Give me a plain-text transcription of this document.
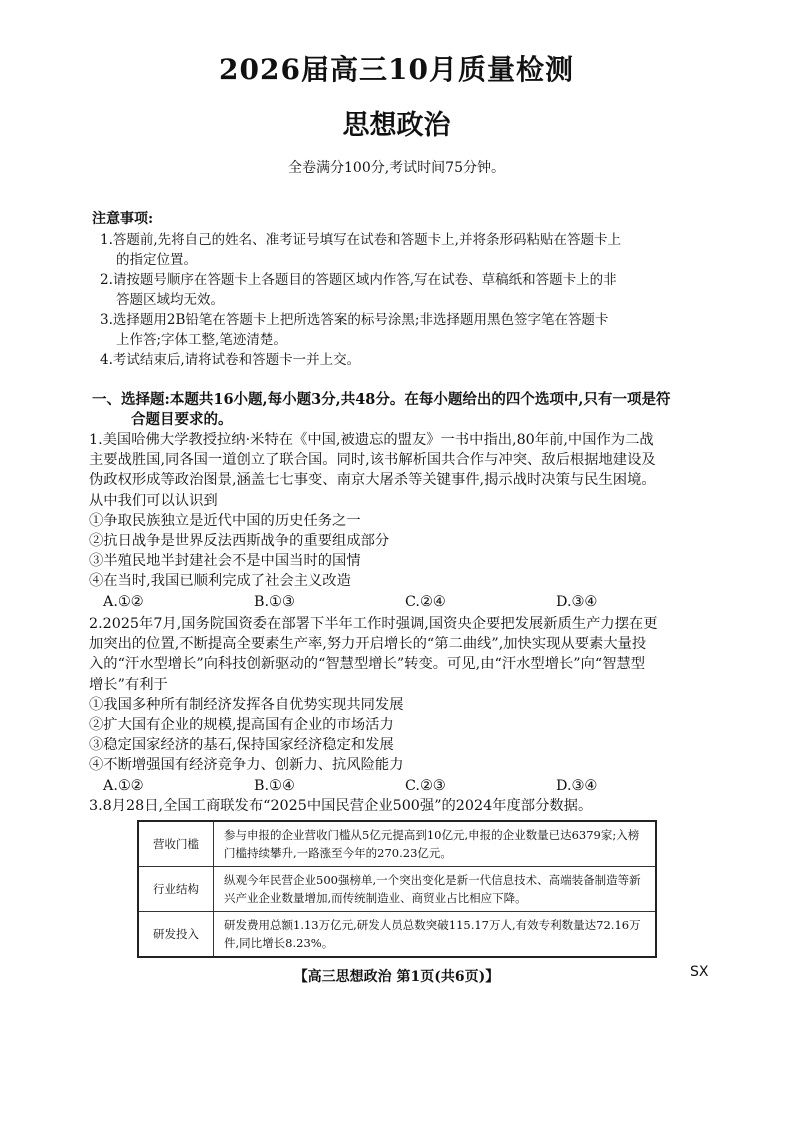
2026届高三10月质量检测
思想政治
全卷满分100分,考试时间75分钟。
注意事项:
1.答题前,先将自己的姓名、准考证号填写在试卷和答题卡上,并将条形码粘贴在答题卡上
的指定位置。
2.请按题号顺序在答题卡上各题目的答题区域内作答,写在试卷、草稿纸和答题卡上的非
答题区域均无效。
3.选择题用2B铅笔在答题卡上把所选答案的标号涂黑;非选择题用黑色签字笔在答题卡
上作答;字体工整,笔迹清楚。
4.考试结束后,请将试卷和答题卡一并上交。
一、选择题:本题共16小题,每小题3分,共48分。在每小题给出的四个选项中,只有一项是符
合题目要求的。

1.美国哈佛大学教授拉纳·米特在《中国,被遗忘的盟友》一书中指出,80年前,中国作为二战

主要战胜国,同各国一道创立了联合国。同时,该书解析国共合作与冲突、敌后根据地建设及

伪政权形成等政治图景,涵盖七七事变、南京大屠杀等关键事件,揭示战时决策与民生困境。

从中我们可以认识到

①争取民族独立是近代中国的历史任务之一

②抗日战争是世界反法西斯战争的重要组成部分

③半殖民地半封建社会不是中国当时的国情

④在当时,我国已顺利完成了社会主义改造

A.①②	B.①③	C.②④	D.③④

2.2025年7月,国务院国资委在部署下半年工作时强调,国资央企要把发展新质生产力摆在更

加突出的位置,不断提高全要素生产率,努力开启增长的“第二曲线”,加快实现从要素大量投

入的“汗水型增长”向科技创新驱动的“智慧型增长”转变。可见,由“汗水型增长”向“智慧型

增长”有利于

①我国多种所有制经济发挥各自优势实现共同发展

②扩大国有企业的规模,提高国有企业的市场活力

③稳定国家经济的基石,保持国家经济稳定和发展

④不断增强国有经济竞争力、创新力、抗风险能力

A.①②	B.①④	C.②③	D.③④

3.8月28日,全国工商联发布“2025中国民营企业500强”的2024年度部分数据。

营收门槛	参与申报的企业营收门槛从5亿元提高到10亿元,申报的企业数量已达6379家;入榜门槛持续攀升,一路涨至今年的270.23亿元。
行业结构	纵观今年民营企业500强榜单,一个突出变化是新一代信息技术、高端装备制造等新兴产业企业数量增加,而传统制造业、商贸业占比相应下降。
研发投入	研发费用总额1.13万亿元,研发人员总数突破115.17万人,有效专利数量达72.16万件,同比增长8.23%。
【高三思想政治 第1页(共6页)】	SX
